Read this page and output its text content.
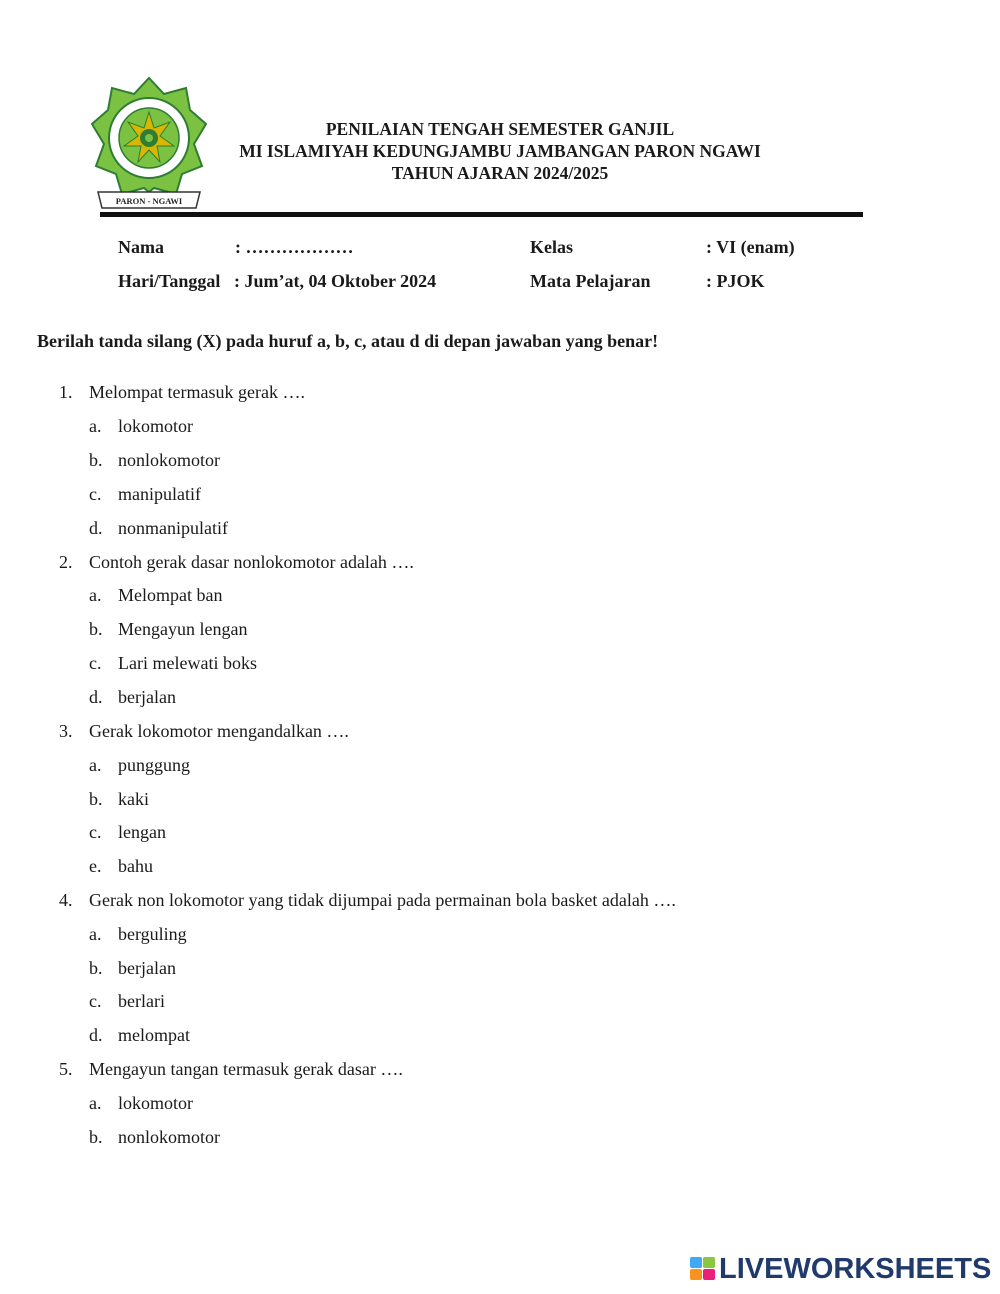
PARON - NGAWI
PENILAIAN TENGAH SEMESTER GANJIL
MI ISLAMIYAH KEDUNGJAMBU JAMBANGAN PARON NGAWI
TAHUN AJARAN 2024/2025
Nama	: ………………	Kelas	: VI (enam)
Hari/Tanggal : Jum’at, 04 Oktober 2024	Mata Pelajaran	: PJOK
Berilah tanda silang (X) pada huruf a, b, c, atau d di depan jawaban yang benar!
1. Melompat termasuk gerak ….
a. lokomotor
b. nonlokomotor
c. manipulatif
d. nonmanipulatif
2. Contoh gerak dasar nonlokomotor adalah ….
a. Melompat ban
b. Mengayun lengan
c. Lari melewati boks
d. berjalan
3. Gerak lokomotor mengandalkan ….
a. punggung
b. kaki
c. lengan
e. bahu
4. Gerak non lokomotor yang tidak dijumpai pada permainan bola basket adalah ….
a. berguling
b. berjalan
c. berlari
d. melompat
5. Mengayun tangan termasuk gerak dasar ….
a. lokomotor
b. nonlokomotor
LIVEWORKSHEETS
